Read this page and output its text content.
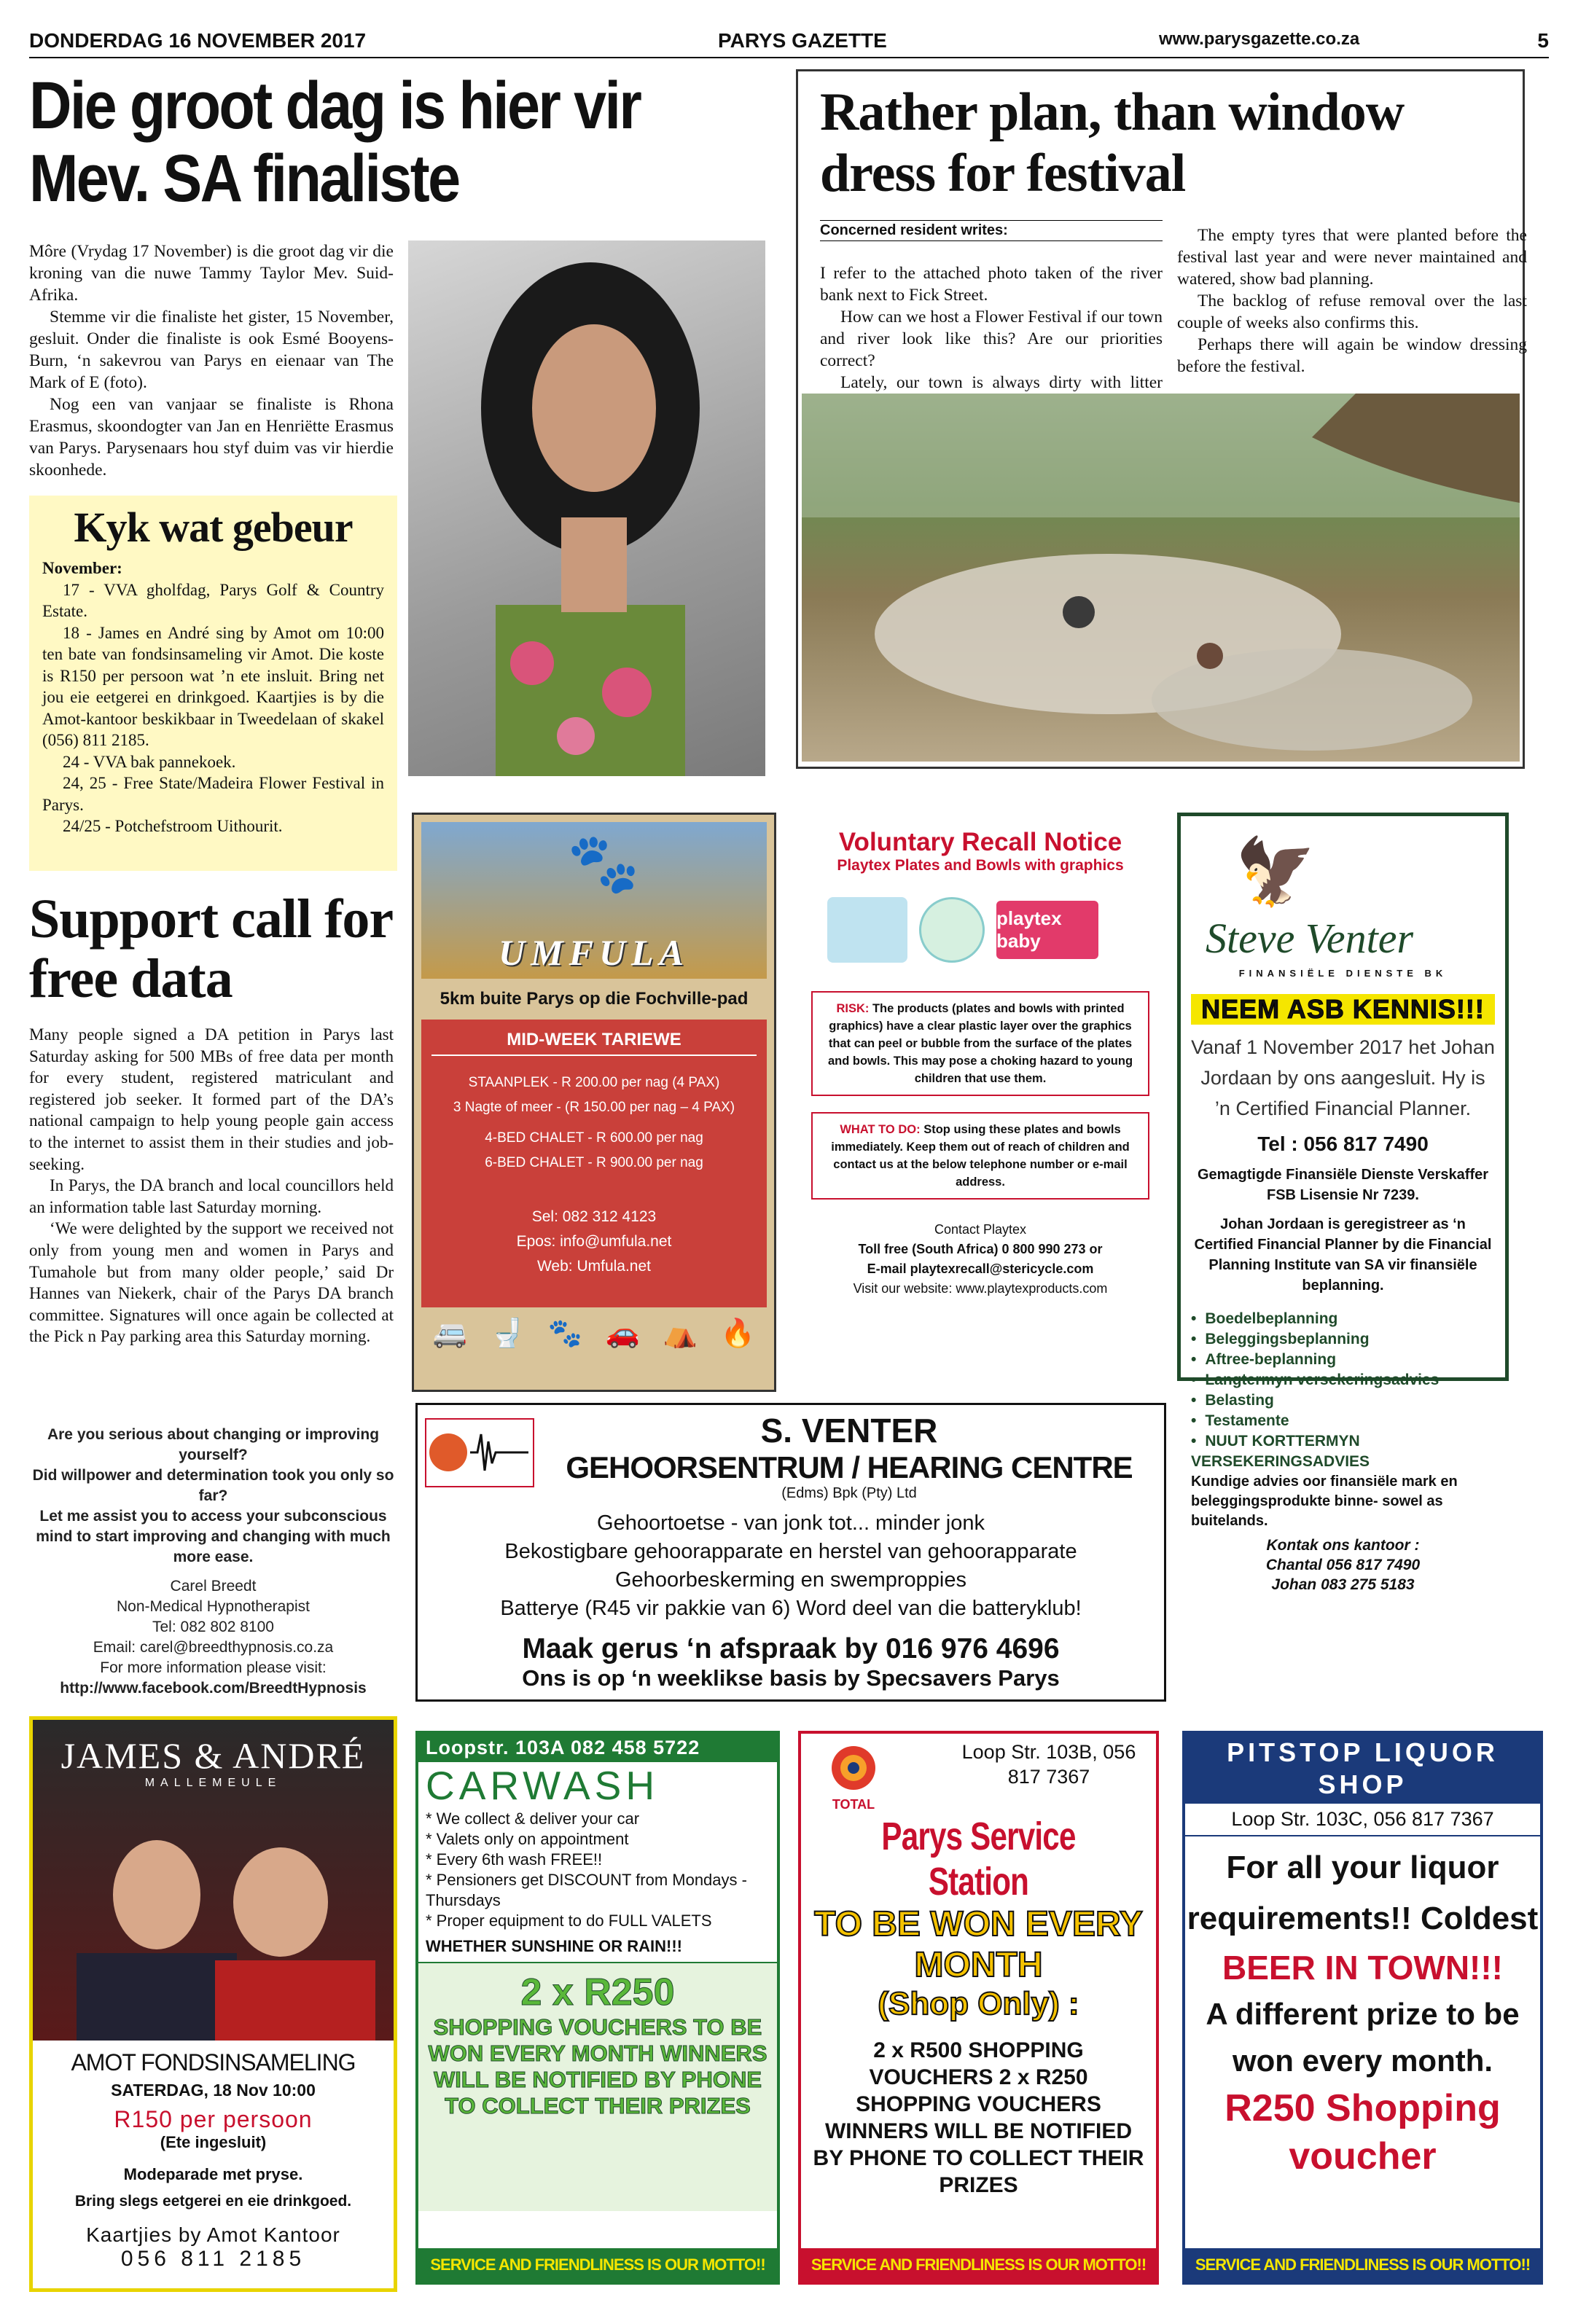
DONDERDAG 16 NOVEMBER 2017	PARYS GAZETTE	www.parysgazette.co.za	5
Die groot dag is hier vir Mev. SA finaliste

Môre (Vrydag 17 November) is die groot dag vir die kroning van die nuwe Tammy Taylor Mev. Suid-Afrika.

Stemme vir die finaliste het gister, 15 November, gesluit. Onder die finaliste is ook Esmé Booyens-Burn, ‘n sakevrou van Parys en eienaar van The Mark of E (foto).

Nog een van vanjaar se finaliste is Rhona Erasmus, skoondogter van Jan en Henriëtte Erasmus van Parys. Parysenaars hou styf duim vas vir hierdie skoonhede.

Kyk wat gebeur
November:

17 - VVA gholfdag, Parys Golf & Country Estate.

18 - James en André sing by Amot om 10:00 ten bate van fondsinsameling vir Amot. Die koste is R150 per persoon wat ’n ete insluit. Bring net jou eie eetgerei en drinkgoed. Kaartjies is by die Amot-kantoor beskikbaar in Tweedelaan of skakel (056) 811 2185.

24 - VVA bak pannekoek.

24, 25 - Free State/Madeira Flower Festival in Parys.

24/25 - Potchefstroom Uithourit.

Rather plan, than window dress for festival
Concerned resident writes:

I refer to the attached photo taken of the river bank next to Fick Street.

How can we host a Flower Festival if our town and river look like this? Are our priorities correct?

Lately, our town is always dirty with litter

The empty tyres that were planted before the festival last year and were never maintained and watered, show bad planning.

The backlog of refuse removal over the last couple of weeks also confirms this.

Perhaps there will again be window dressing before the festival.

Support call for free data

Many people signed a DA petition in Parys last Saturday asking for 500 MBs of free data per month for every student, registered matriculant and registered job seeker. It formed part of the DA’s national campaign to help young people gain access to the internet to assist them in their studies and job-seeking.

In Parys, the DA branch and local councillors held an information table last Saturday morning.

‘We were delighted by the support we received not only from young men and women in Parys and Tumahole but from many older people,’ said Dr Hannes van Niekerk, chair of the Parys DA branch committee. Signatures will once again be collected at the Pick n Pay parking area this Saturday morning.

UMFULA
🐾
5km buite Parys op die Fochville-pad
MID-WEEK TARIEWE
STAANPLEK - R 200.00 per nag (4 PAX)
3 Nagte of meer - (R 150.00 per nag – 4 PAX)
4-BED CHALET - R 600.00 per nag
6-BED CHALET - R 900.00 per nag
Sel: 082 312 4123
Epos: info@umfula.net
Web: Umfula.net
🚐 🚽 🐾 🚗 ⛺ 🔥
Voluntary Recall Notice
Playtex Plates and Bowls with graphics
playtex baby
RISK: The products (plates and bowls with printed graphics) have a clear plastic layer over the graphics that can peel or bubble from the surface of the plates and bowls. This may pose a choking hazard to young children that use them.
WHAT TO DO: Stop using these plates and bowls immediately. Keep them out of reach of children and contact us at the below telephone number or e-mail address.
Contact Playtex
Toll free (South Africa) 0 800 990 273 or
E-mail playtexrecall@stericycle.com
Visit our website: www.playtexproducts.com
🦅
Steve Venter
FINANSIËLE DIENSTE BK
NEEM ASB KENNIS!!!
Vanaf 1 November 2017 het Johan Jordaan by ons aangesluit. Hy is ’n Certified Financial Planner.
Tel : 056 817 7490
Gemagtigde Finansiële Dienste Verskaffer FSB Lisensie Nr 7239.
Johan Jordaan is geregistreer as ‘n Certified Financial Planner by die Financial Planning Institute van SA vir finansiële beplanning.
• Boedelbeplanning
• Beleggingsbeplanning
• Aftree-beplanning
• Langtermyn versekeringsadvies
• Belasting
• Testamente
• NUUT KORTTERMYN VERSEKERINGSADVIES
Kundige advies oor finansiële mark en beleggingsprodukte binne- sowel as buitelands.
Kontak ons kantoor :
Chantal 056 817 7490
Johan 083 275 5183
Are you serious about changing or improving yourself?
Did willpower and determination took you only so far?
Let me assist you to access your subconscious mind to start improving and changing with much more ease.
Carel Breedt
Non-Medical Hypnotherapist
Tel: 082 802 8100
Email: carel@breedthypnosis.co.za
For more information please visit:
http://www.facebook.com/BreedtHypnosis
S. VENTER
GEHOORSENTRUM / HEARING CENTRE
(Edms) Bpk (Pty) Ltd
Gehoortoetse - van jonk tot... minder jonk
Bekostigbare gehoorapparate en herstel van gehoorapparate
Gehoorbeskerming en swemproppies
Batterye (R45 vir pakkie van 6) Word deel van die batteryklub!
Maak gerus ‘n afspraak by 016 976 4696
Ons is op ‘n weeklikse basis by Specsavers Parys
JAMES & ANDRÉ
MALLEMEULE
AMOT FONDSINSAMELING
SATERDAG, 18 Nov 10:00
R150 per persoon
(Ete ingesluit)
Modeparade met pryse.
Bring slegs eetgerei en eie drinkgoed.
Kaartjies by Amot Kantoor
056 811 2185
Loopstr. 103A 082 458 5722
CARWASH
* We collect & deliver your car
* Valets only on appointment
* Every 6th wash FREE!!
* Pensioners get DISCOUNT from Mondays - Thursdays
* Proper equipment to do FULL VALETS
WHETHER SUNSHINE OR RAIN!!!
2 x R250
SHOPPING VOUCHERS TO BE WON EVERY MONTH WINNERS WILL BE NOTIFIED BY PHONE TO COLLECT THEIR PRIZES
SERVICE AND FRIENDLINESS IS OUR MOTTO!!
TOTAL
Loop Str. 103B, 056 817 7367
Parys Service Station
TO BE WON EVERY MONTH
(Shop Only) :
2 x R500 SHOPPING VOUCHERS 2 x R250 SHOPPING VOUCHERS WINNERS WILL BE NOTIFIED BY PHONE TO COLLECT THEIR PRIZES
SERVICE AND FRIENDLINESS IS OUR MOTTO!!
PITSTOP LIQUOR SHOP
Loop Str. 103C, 056 817 7367
For all your liquor requirements!! Coldest
BEER IN TOWN!!!
A different prize to be won every month.
R250 Shopping voucher
SERVICE AND FRIENDLINESS IS OUR MOTTO!!
